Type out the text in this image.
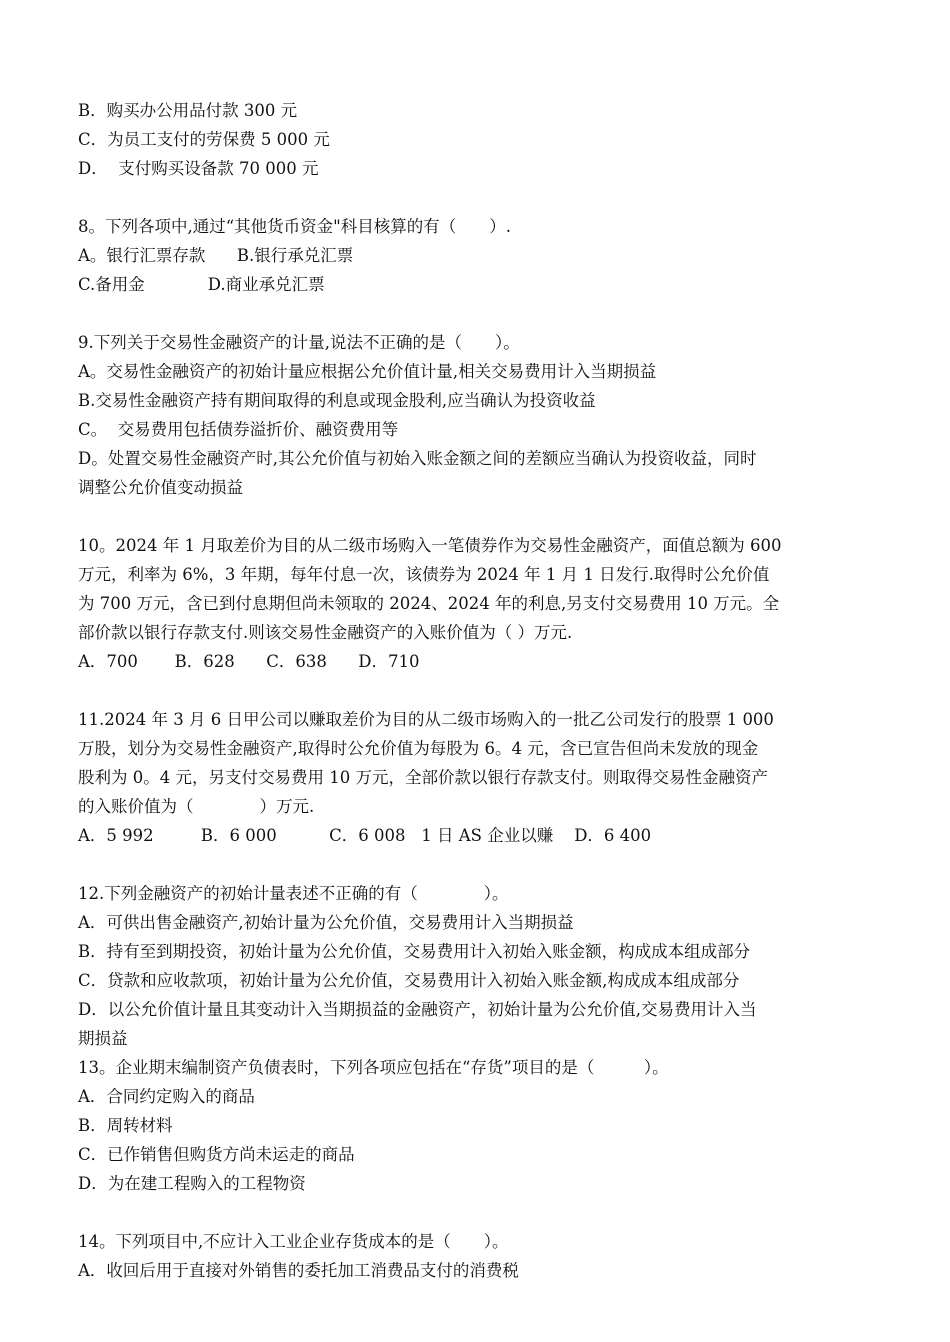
B．购买办公用品付款 300 元
C．为员工支付的劳保费 5 000 元
D．  支付购买设备款 70 000 元
8。下列各项中,通过“其他货币资金"科目核算的有（　　）.
A。银行汇票存款      B.银行承兑汇票
C.备用金            D.商业承兑汇票
9.下列关于交易性金融资产的计量,说法不正确的是（　　）。
A。交易性金融资产的初始计量应根据公允价值计量,相关交易费用计入当期损益
B.交易性金融资产持有期间取得的利息或现金股利,应当确认为投资收益
C。  交易费用包括债券溢折价、融资费用等
D。处置交易性金融资产时,其公允价值与初始入账金额之间的差额应当确认为投资收益，同时
调整公允价值变动损益
10。2024 年 1 月取差价为目的从二级市场购入一笔债券作为交易性金融资产，面值总额为 600
万元，利率为 6%，3 年期，每年付息一次，该债券为 2024 年 1 月 1 日发行.取得时公允价值
为 700 万元，含已到付息期但尚未领取的 2024、2024 年的利息,另支付交易费用 10 万元。全
部价款以银行存款支付.则该交易性金融资产的入账价值为（ ）万元.
A．700       B．628      C．638      D．710
11.2024 年 3 月 6 日甲公司以赚取差价为目的从二级市场购入的一批乙公司发行的股票 1 000
万股，划分为交易性金融资产,取得时公允价值为每股为 6。4 元，含已宣告但尚未发放的现金
股利为 0。4 元，另支付交易费用 10 万元，全部价款以银行存款支付。则取得交易性金融资产
的入账价值为（　　　　）万元.
A．5 992         B．6 000          C．6 008   1 日 AS 企业以赚    D．6 400
12.下列金融资产的初始计量表述不正确的有（　　　　）。
A．可供出售金融资产,初始计量为公允价值，交易费用计入当期损益
B．持有至到期投资，初始计量为公允价值，交易费用计入初始入账金额，构成成本组成部分
C．贷款和应收款项，初始计量为公允价值，交易费用计入初始入账金额,构成成本组成部分
D．以公允价值计量且其变动计入当期损益的金融资产，初始计量为公允价值,交易费用计入当
期损益
13。企业期末编制资产负债表时，下列各项应包括在“存货”项目的是（　　　）。
A．合同约定购入的商品
B．周转材料
C．已作销售但购货方尚未运走的商品
D．为在建工程购入的工程物资
14。下列项目中,不应计入工业企业存货成本的是（　　）。
A．收回后用于直接对外销售的委托加工消费品支付的消费税
